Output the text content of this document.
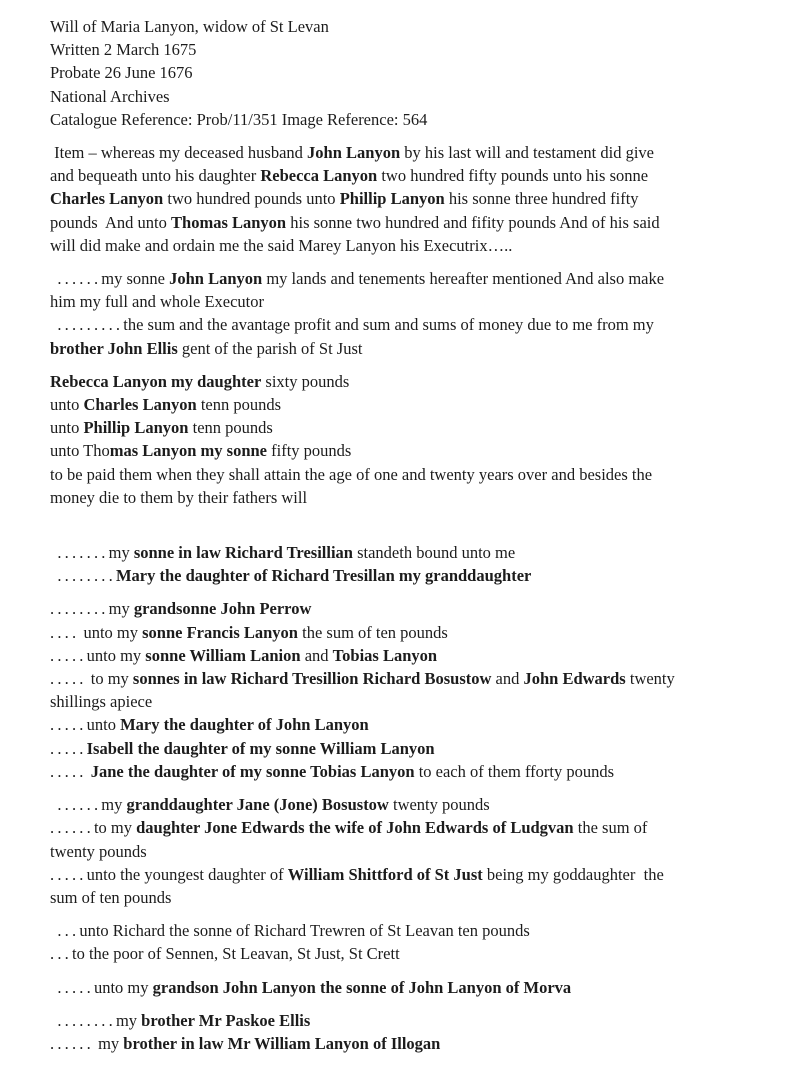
Will of Maria Lanyon, widow of St Levan
Written 2 March 1675
Probate 26 June 1676
National Archives
Catalogue Reference: Prob/11/351 Image Reference: 564
Item – whereas my deceased husband John Lanyon by his last will and testament did give
and bequeath unto his daughter Rebecca Lanyon two hundred fifty pounds unto his sonne
Charles Lanyon two hundred pounds unto Phillip Lanyon his sonne three hundred fifty
pounds  And unto Thomas Lanyon his sonne two hundred and fifity pounds And of his said
will did make and ordain me the said Marey Lanyon his Executrix…..
......my sonne John Lanyon my lands and tenements hereafter mentioned And also make
him my full and whole Executor
.........the sum and the avantage profit and sum and sums of money due to me from my
brother John Ellis gent of the parish of St Just
Rebecca Lanyon my daughter sixty pounds
unto Charles Lanyon tenn pounds
unto Phillip Lanyon tenn pounds
unto Thomas Lanyon my sonne fifty pounds
to be paid them when they shall attain the age of one and twenty years over and besides the
money die to them by their fathers will
.......my sonne in law Richard Tresillian standeth bound unto me
........Mary the daughter of Richard Tresillan my granddaughter
........my grandsonne John Perrow
.... unto my sonne Francis Lanyon the sum of ten pounds
.....unto my sonne William Lanion and Tobias Lanyon
..... to my sonnes in law Richard Tresillion Richard Bosustow and John Edwards twenty
shillings apiece
.....unto Mary the daughter of John Lanyon
.....Isabell the daughter of my sonne William Lanyon
..... Jane the daughter of my sonne Tobias Lanyon to each of them fforty pounds
......my granddaughter Jane (Jone) Bosustow twenty pounds
......to my daughter Jone Edwards the wife of John Edwards of Ludgvan the sum of
twenty pounds
.....unto the youngest daughter of William Shittford of St Just being my goddaughter  the
sum of ten pounds
...unto Richard the sonne of Richard Trewren of St Leavan ten pounds
...to the poor of Sennen, St Leavan, St Just, St Crett
.....unto my grandson John Lanyon the sonne of John Lanyon of Morva
........my brother Mr Paskoe Ellis
...... my brother in law Mr William Lanyon of Illogan
